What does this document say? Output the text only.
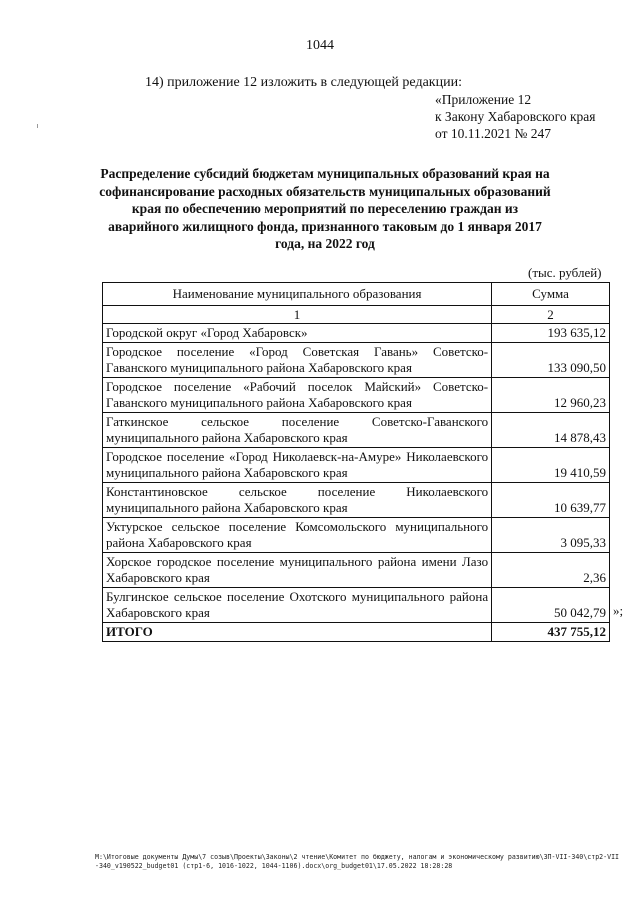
1044
14) приложение 12 изложить в следующей редакции:
«Приложение 12
к Закону Хабаровского края
от 10.11.2021 № 247
Распределение субсидий бюджетам муниципальных образований края на софинансирование расходных обязательств муниципальных образований края по обеспечению мероприятий по переселению граждан из аварийного жилищного фонда, признанного таковым до 1 января 2017 года, на 2022 год
(тыс. рублей)
Наименование муниципального образования	Сумма
1	2
Городской округ «Город Хабаровск»	193 635,12
Городское поселение «Город Советская Гавань» Советско-Гаванского муниципального района Хабаровского края	133 090,50
Городское поселение «Рабочий поселок Майский» Советско-Гаванского муниципального района Хабаровского края	12 960,23
Гаткинское сельское поселение Советско-Гаванского муниципального района Хабаровского края	14 878,43
Городское поселение «Город Николаевск-на-Амуре» Николаевского муниципального района Хабаровского края	19 410,59
Константиновское сельское поселение Николаевского муниципального района Хабаровского края	10 639,77
Уктурское сельское поселение Комсомольского муниципального района Хабаровского края	3 095,33
Хорское городское поселение муниципального района имени Лазо Хабаровского края	2,36
Булгинское сельское поселение Охотского муниципального района Хабаровского края	50 042,79
ИТОГО	437 755,12
»;
M:\Итоговые документы Думы\7 созыв\Проекты\Законы\2 чтение\Комитет по бюджету, налогам и экономическому развитию\ЗП-VII-340\стр2-VII-340_v190522_budget01 (стр1-6, 1016-1022, 1044-1106).docx\org_budget01\17.05.2022 18:28:28
